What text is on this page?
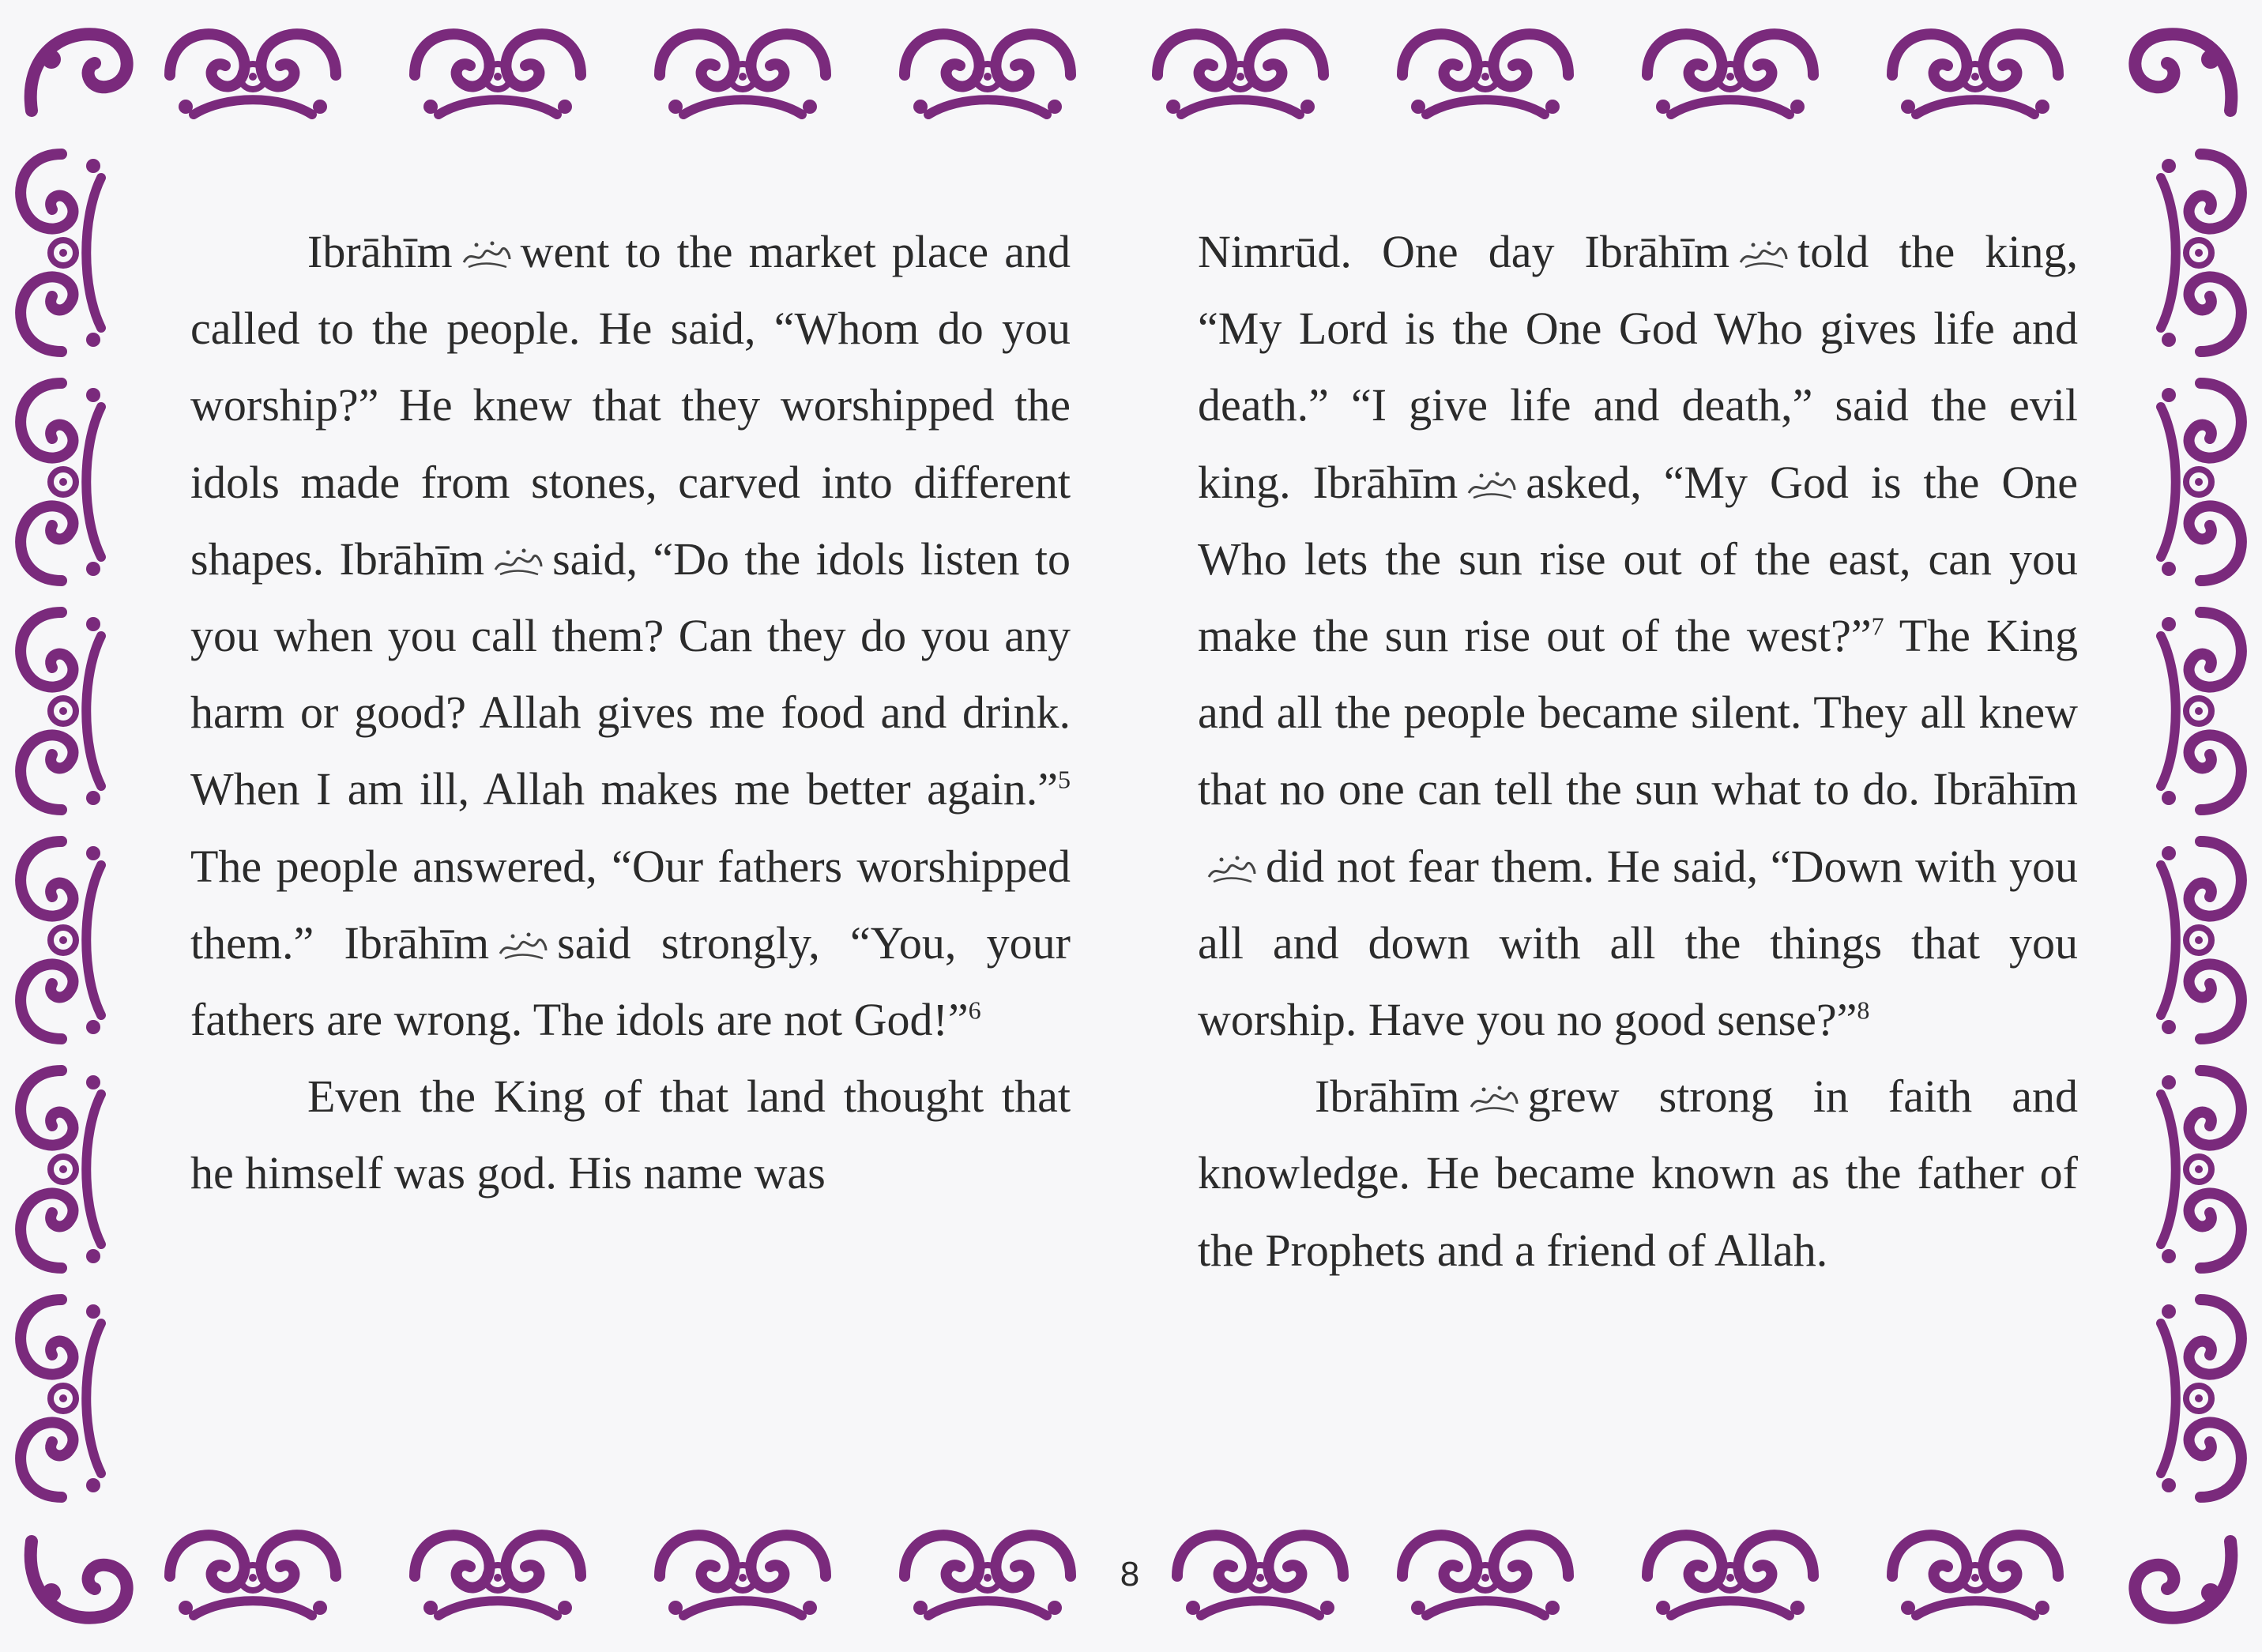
Ibrāhīm went to the market place and called to the people. He said, “Whom do you worship?” He knew that they worshipped the idols made from stones, carved into different shapes. Ibrāhīm said, “Do the idols listen to you when you call them? Can they do you any harm or good? Allah gives me food and drink. When I am ill, Allah makes me better again.”$^5$ The people answered, “Our fathers worshipped them.” Ibrāhīm said strongly, “You, your fathers are wrong. The idols are not God!”$^6$

Even the King of that land thought that he himself was god. His name was

Nimrūd. One day Ibrāhīm told the king, “My Lord is the One God Who gives life and death.” “I give life and death,” said the evil king. Ibrāhīm asked, “My God is the One Who lets the sun rise out of the east, can you make the sun rise out of the west?”$^7$ The King and all the people became silent. They all knew that no one can tell the sun what to do. Ibrāhīmdid not fear them. He said, “Down with you all and down with all the things that you worship. Have you no good sense?”$^8$

Ibrāhīm grew strong in faith and knowledge. He became known as the father of the Prophets and a friend of Allah.

8
